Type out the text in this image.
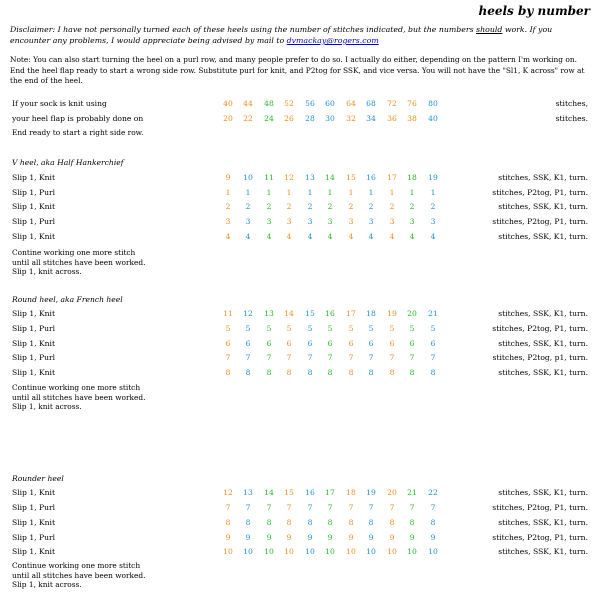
heels by number
Disclaimer: I have not personally turned each of these heels using the number of stitches indicated, but the numbers should work. If you encounter any problems, I would appreciate being advised by mail to dvmackay@rogers.com
Note: You can also start turning the heel on a purl row, and many people prefer to do so. I actually do either, depending on the pattern I'm working on. End the heel flap ready to start a wrong side row. Substitute purl for knit, and P2tog for SSK, and vice versa. You will not have the "Sl1, K across" row at the end of the heel.
If your sock is knit using	40	44	48	52	56	60	64	68	72	76	80	stitches,
your heel flap is probably done on	20	22	24	26	28	30	32	34	36	38	40	stitches.
End ready to start a right side row.
V heel, aka Half Hankerchief
Slip 1, Knit	9	10	11	12	13	14	15	16	17	18	19	stitches, SSK, K1, turn.
Slip 1, Purl	1	1	1	1	1	1	1	1	1	1	1	stitches, P2tog, P1, turn.
Slip 1, Knit	2	2	2	2	2	2	2	2	2	2	2	stitches, SSK, K1, turn.
Slip 1, Purl	3	3	3	3	3	3	3	3	3	3	3	stitches, P2tog, P1, turn.
Slip 1, Knit	4	4	4	4	4	4	4	4	4	4	4	stitches, SSK, K1, turn.
Contine working one more stitch
until all stitches have been worked.
Slip 1, knit across.
Round heel, aka French heel
Slip 1, Knit	11	12	13	14	15	16	17	18	19	20	21	stitches, SSK, K1, turn.
Slip 1, Purl	5	5	5	5	5	5	5	5	5	5	5	stitches, P2tog, P1, turn.
Slip 1, Knit	6	6	6	6	6	6	6	6	6	6	6	stitches, SSK, K1, turn.
Slip 1, Purl	7	7	7	7	7	7	7	7	7	7	7	stitches, P2tog, p1, turn.
Slip 1, Knit	8	8	8	8	8	8	8	8	8	8	8	stitches, SSK, K1, turn.
Continue working one more stitch
until all stitches have been worked.
Slip 1, knit across.
Rounder heel
Slip 1, Knit	12	13	14	15	16	17	18	19	20	21	22	stitches, SSK, K1, turn.
Slip 1, Purl	7	7	7	7	7	7	7	7	7	7	7	stitches, P2tog, P1, turn.
Slip 1, Knit	8	8	8	8	8	8	8	8	8	8	8	stitches, SSK, K1, turn.
Slip 1, Purl	9	9	9	9	9	9	9	9	9	9	9	stitches, P2tog, P1, turn.
Slip 1, Knit	10	10	10	10	10	10	10	10	10	10	10	stitches, SSK, K1, turn.
Continue working one more stitch
until all stitches have been worked.
Slip 1, knit across.
